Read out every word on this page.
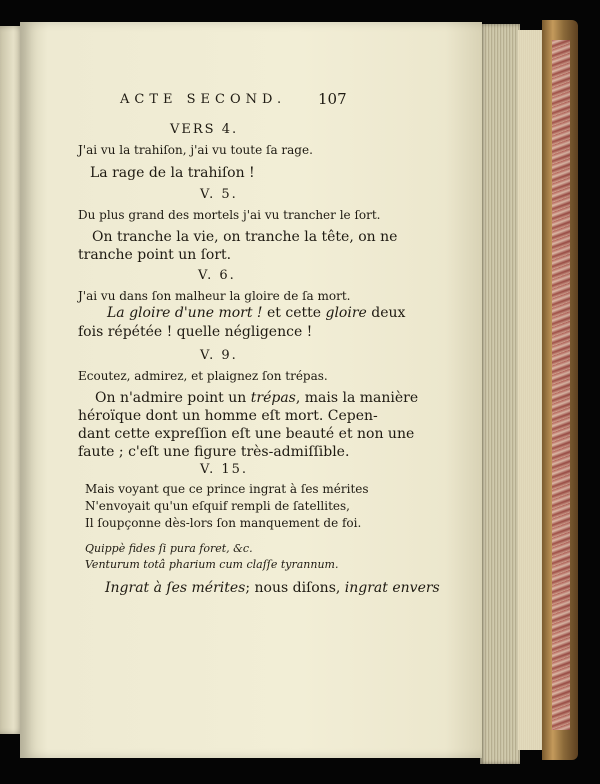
ACTE SECOND. 107
VERS 4.
J'ai vu la trahiſon, j'ai vu toute ſa rage.
La rage de la trahiſon !
V. 5.
Du plus grand des mortels j'ai vu trancher le ſort.
On tranche la vie, on tranche la tête, on ne
tranche point un ſort.
V. 6.
J'ai vu dans ſon malheur la gloire de ſa mort.
La gloire d'une mort ! et cette gloire deux
fois répétée ! quelle négligence !
V. 9.
Ecoutez, admirez, et plaignez ſon trépas.
On n'admire point un trépas, mais la manière
héroïque dont un homme eſt mort. Cepen-
dant cette expreſſion eſt une beauté et non une
faute ; c'eſt une figure très-admiſſible.
V. 15.
Mais voyant que ce prince ingrat à ſes mérites
N'envoyait qu'un eſquif rempli de ſatellites,
Il ſoupçonne dès-lors ſon manquement de foi.
Quippè fides ſi pura foret, &c.
Venturum totâ pharium cum claſſe tyrannum.
Ingrat à ſes mérites; nous diſons, ingrat envers
